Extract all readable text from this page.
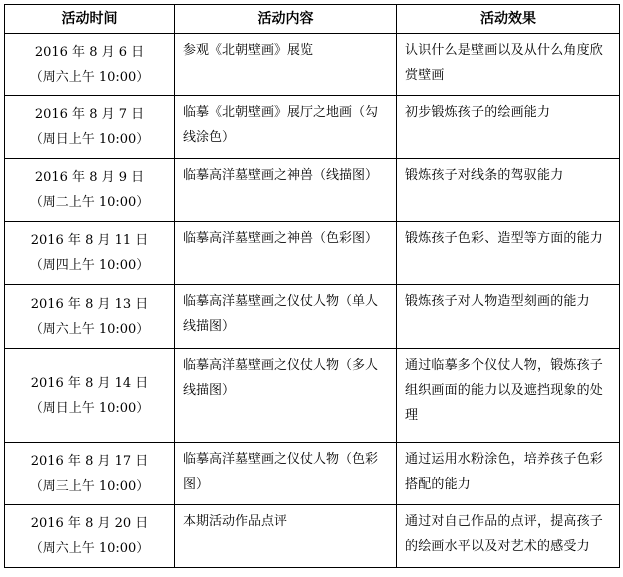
活动时间	活动内容	活动效果

2016 年 8 月 6 日
（周六上午 10:00）	参观《北朝壁画》展览	认识什么是壁画以及从什么角度欣赏壁画

2016 年 8 月 7 日
（周日上午 10:00）	临摹《北朝壁画》展厅之地画（勾线涂色）	初步锻炼孩子的绘画能力

2016 年 8 月 9 日
（周二上午 10:00）	临摹高洋墓壁画之神兽（线描图）	锻炼孩子对线条的驾驭能力

2016 年 8 月 11 日
（周四上午 10:00）	临摹高洋墓壁画之神兽（色彩图）	锻炼孩子色彩、造型等方面的能力

2016 年 8 月 13 日
（周六上午 10:00）	临摹高洋墓壁画之仪仗人物（单人线描图）	锻炼孩子对人物造型刻画的能力

2016 年 8 月 14 日
（周日上午 10:00）	临摹高洋墓壁画之仪仗人物（多人线描图）	通过临摹多个仪仗人物，锻炼孩子组织画面的能力以及遮挡现象的处理

2016 年 8 月 17 日
（周三上午 10:00）	临摹高洋墓壁画之仪仗人物（色彩图）	通过运用水粉涂色，培养孩子色彩搭配的能力

2016 年 8 月 20 日
（周六上午 10:00）	本期活动作品点评	通过对自己作品的点评，提高孩子的绘画水平以及对艺术的感受力
